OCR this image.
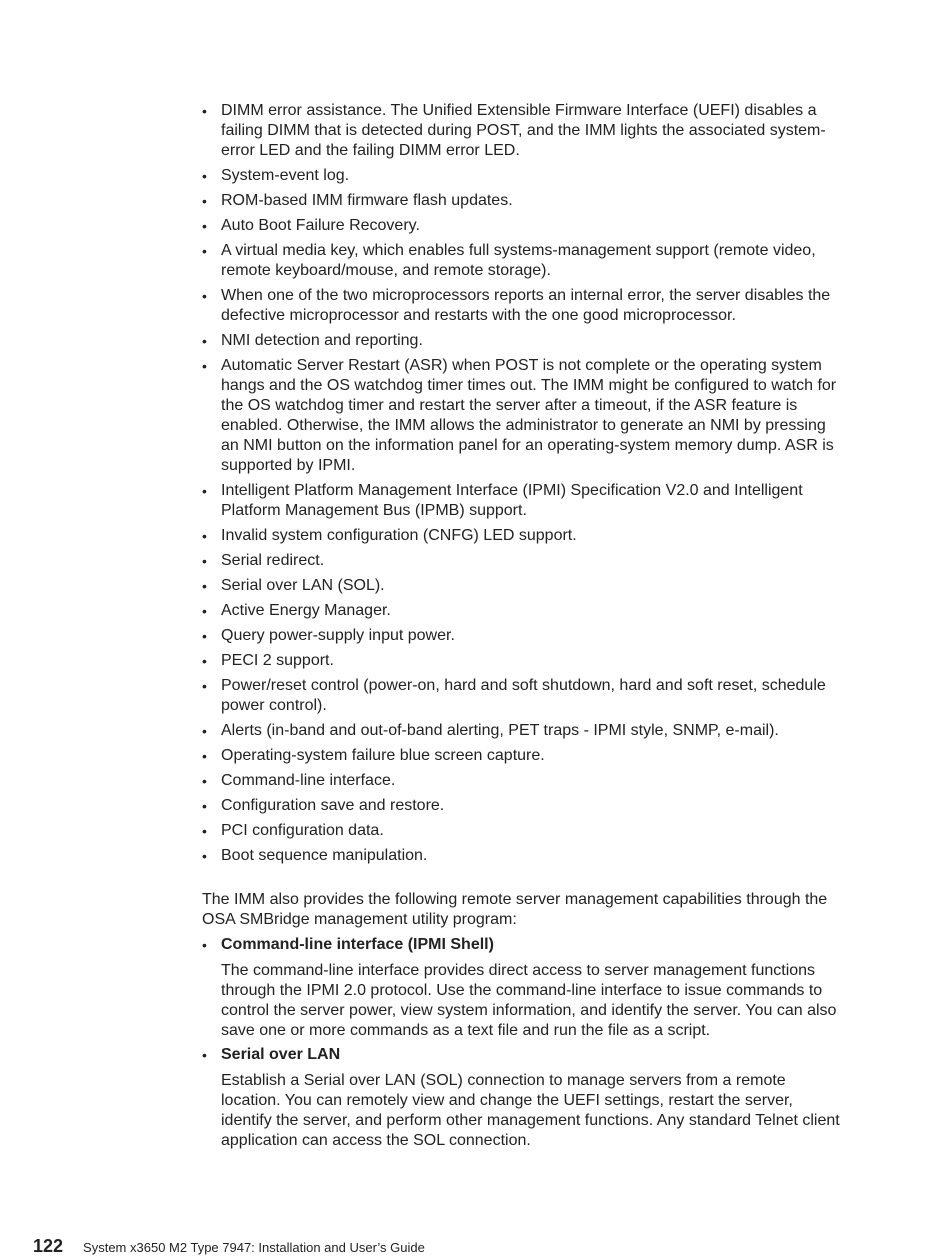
• DIMM error assistance. The Unified Extensible Firmware Interface (UEFI) disables a failing DIMM that is detected during POST, and the IMM lights the associated system-error LED and the failing DIMM error LED.
• System-event log.
• ROM-based IMM firmware flash updates.
• Auto Boot Failure Recovery.
• A virtual media key, which enables full systems-management support (remote video, remote keyboard/mouse, and remote storage).
• When one of the two microprocessors reports an internal error, the server disables the defective microprocessor and restarts with the one good microprocessor.
• NMI detection and reporting.
• Automatic Server Restart (ASR) when POST is not complete or the operating system hangs and the OS watchdog timer times out. The IMM might be configured to watch for the OS watchdog timer and restart the server after a timeout, if the ASR feature is enabled. Otherwise, the IMM allows the administrator to generate an NMI by pressing an NMI button on the information panel for an operating-system memory dump. ASR is supported by IPMI.
• Intelligent Platform Management Interface (IPMI) Specification V2.0 and Intelligent Platform Management Bus (IPMB) support.
• Invalid system configuration (CNFG) LED support.
• Serial redirect.
• Serial over LAN (SOL).
• Active Energy Manager.
• Query power-supply input power.
• PECI 2 support.
• Power/reset control (power-on, hard and soft shutdown, hard and soft reset, schedule power control).
• Alerts (in-band and out-of-band alerting, PET traps - IPMI style, SNMP, e-mail).
• Operating-system failure blue screen capture.
• Command-line interface.
• Configuration save and restore.
• PCI configuration data.
• Boot sequence manipulation.

The IMM also provides the following remote server management capabilities through the OSA SMBridge management utility program:

• Command-line interface (IPMI Shell)
The command-line interface provides direct access to server management functions through the IPMI 2.0 protocol. Use the command-line interface to issue commands to control the server power, view system information, and identify the server. You can also save one or more commands as a text file and run the file as a script.
• Serial over LAN
Establish a Serial over LAN (SOL) connection to manage servers from a remote location. You can remotely view and change the UEFI settings, restart the server, identify the server, and perform other management functions. Any standard Telnet client application can access the SOL connection.
122 System x3650 M2 Type 7947: Installation and User’s Guide
